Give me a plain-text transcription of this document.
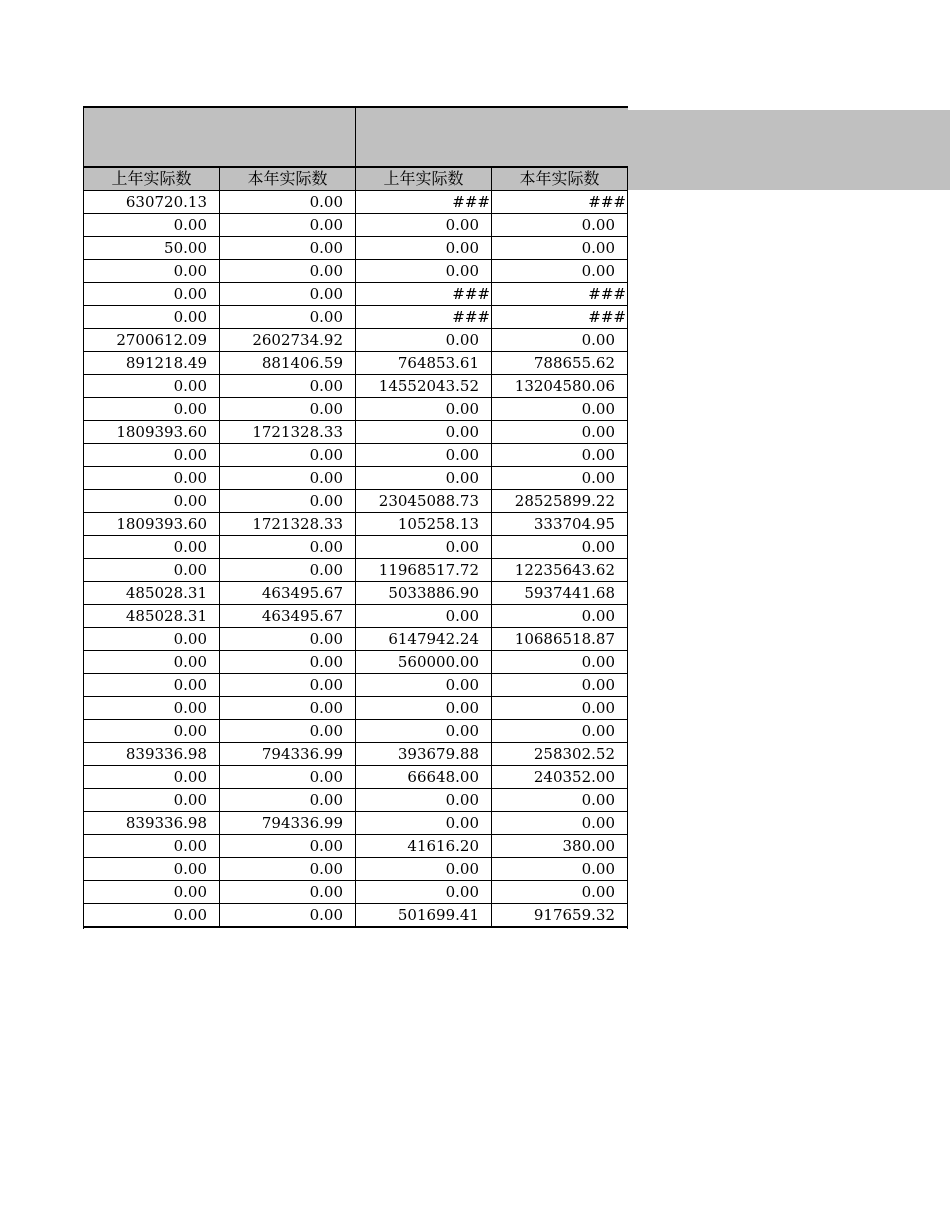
上年实际数	本年实际数	上年实际数	本年实际数
630720.13	0.00	###	###
0.00	0.00	0.00	0.00
50.00	0.00	0.00	0.00
0.00	0.00	0.00	0.00
0.00	0.00	###	###
0.00	0.00	###	###
2700612.09	2602734.92	0.00	0.00
891218.49	881406.59	764853.61	788655.62
0.00	0.00	14552043.52	13204580.06
0.00	0.00	0.00	0.00
1809393.60	1721328.33	0.00	0.00
0.00	0.00	0.00	0.00
0.00	0.00	0.00	0.00
0.00	0.00	23045088.73	28525899.22
1809393.60	1721328.33	105258.13	333704.95
0.00	0.00	0.00	0.00
0.00	0.00	11968517.72	12235643.62
485028.31	463495.67	5033886.90	5937441.68
485028.31	463495.67	0.00	0.00
0.00	0.00	6147942.24	10686518.87
0.00	0.00	560000.00	0.00
0.00	0.00	0.00	0.00
0.00	0.00	0.00	0.00
0.00	0.00	0.00	0.00
839336.98	794336.99	393679.88	258302.52
0.00	0.00	66648.00	240352.00
0.00	0.00	0.00	0.00
839336.98	794336.99	0.00	0.00
0.00	0.00	41616.20	380.00
0.00	0.00	0.00	0.00
0.00	0.00	0.00	0.00
0.00	0.00	501699.41	917659.32
